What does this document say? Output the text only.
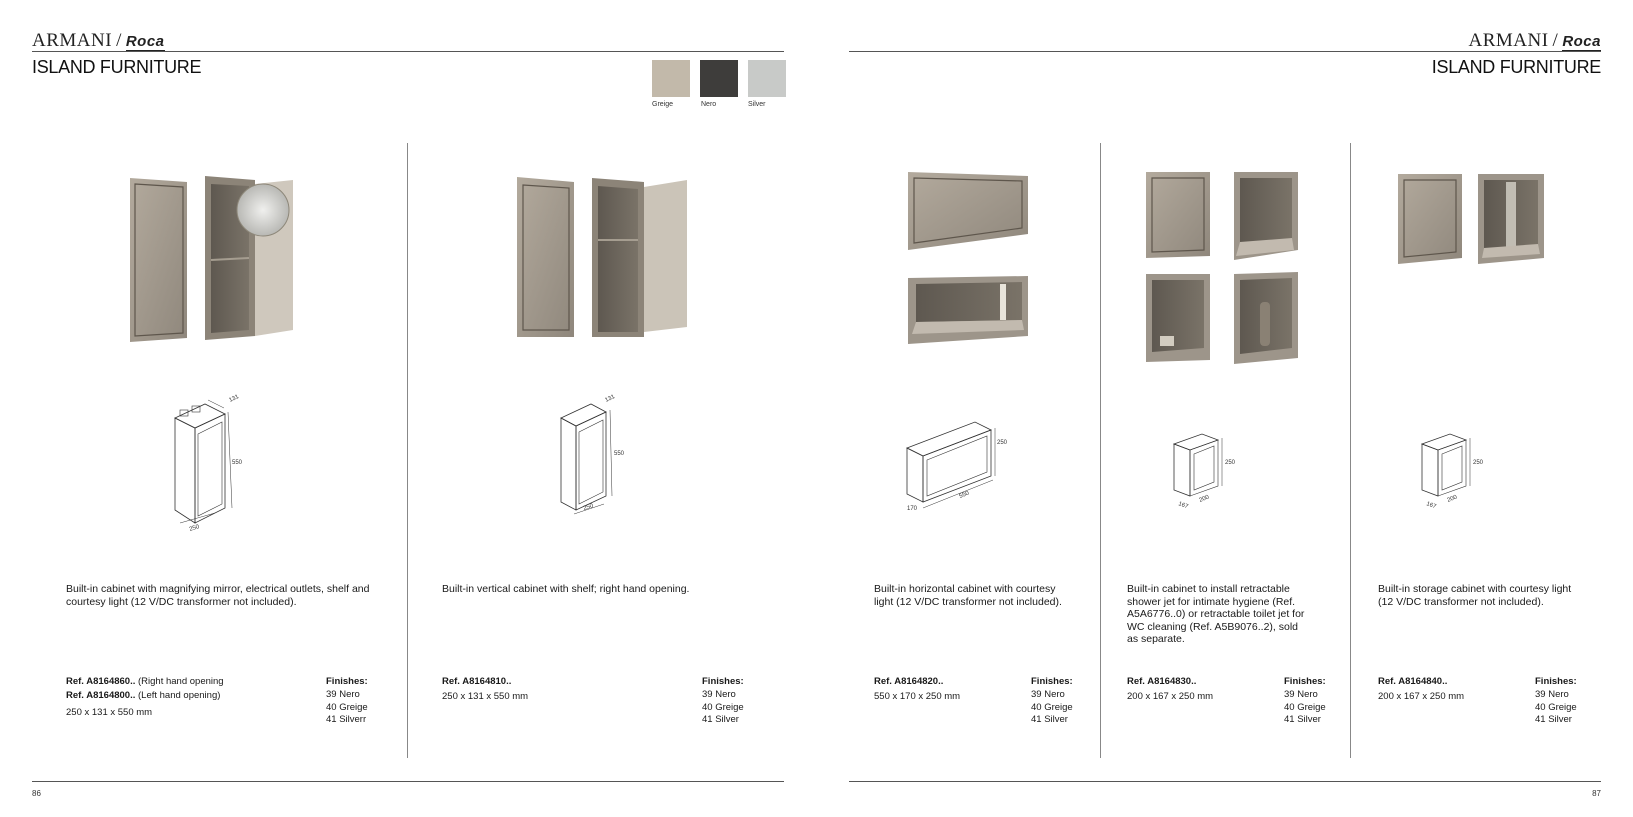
ARMANI / Roca
ISLAND FURNITURE
Greige	Nero	Silver
ARMANI / Roca
ISLAND FURNITURE
131
550
250
131
550
250
250
550
170
250
167
200
250
167
200
Built-in cabinet with magnifying mirror, electrical outlets, shelf and courtesy light (12 V/DC transformer not included).
Ref. A8164860.. (Right hand opening
Ref. A8164800.. (Left hand opening)
250 x 131 x 550 mm
Finishes:
39 Nero
40 Greige
41 Silverr
Built-in vertical cabinet with shelf; right hand opening.
Ref. A8164810..
250 x 131 x 550 mm
Finishes:
39 Nero
40 Greige
41 Silver
Built-in horizontal cabinet with courtesy light (12 V/DC transformer not included).
Ref. A8164820..
550 x 170 x 250 mm
Finishes:
39 Nero
40 Greige
41 Silver
Built-in cabinet to install retractable shower jet for intimate hygiene (Ref. A5A6776..0) or retractable toilet jet for WC cleaning (Ref. A5B9076..2), sold as separate.
Ref. A8164830..
200 x 167 x 250 mm
Finishes:
39 Nero
40 Greige
41 Silver
Built-in storage cabinet with courtesy light (12 V/DC transformer not included).
Ref. A8164840..
200 x 167 x 250 mm
Finishes:
39 Nero
40 Greige
41 Silver
86	87
